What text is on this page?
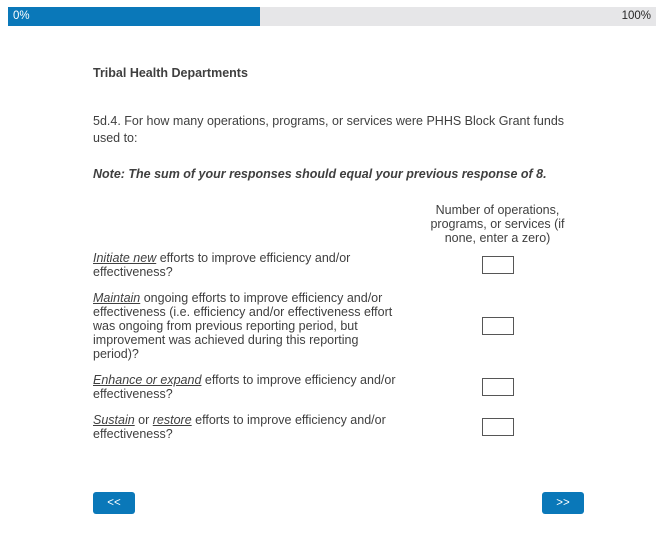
0%	100%
Tribal Health Departments
5d.4. For how many operations, programs, or services were PHHS Block Grant funds used to:
Note: The sum of your responses should equal your previous response of 8.
Number of operations, programs, or services (if none, enter a zero)
Initiate new efforts to improve efficiency and/or effectiveness?
Maintain ongoing efforts to improve efficiency and/or effectiveness (i.e. efficiency and/or effectiveness effort was ongoing from previous reporting period, but improvement was achieved during this reporting period)?
Enhance or expand efforts to improve efficiency and/or effectiveness?
Sustain or restore efforts to improve efficiency and/or effectiveness?
<<	>>
